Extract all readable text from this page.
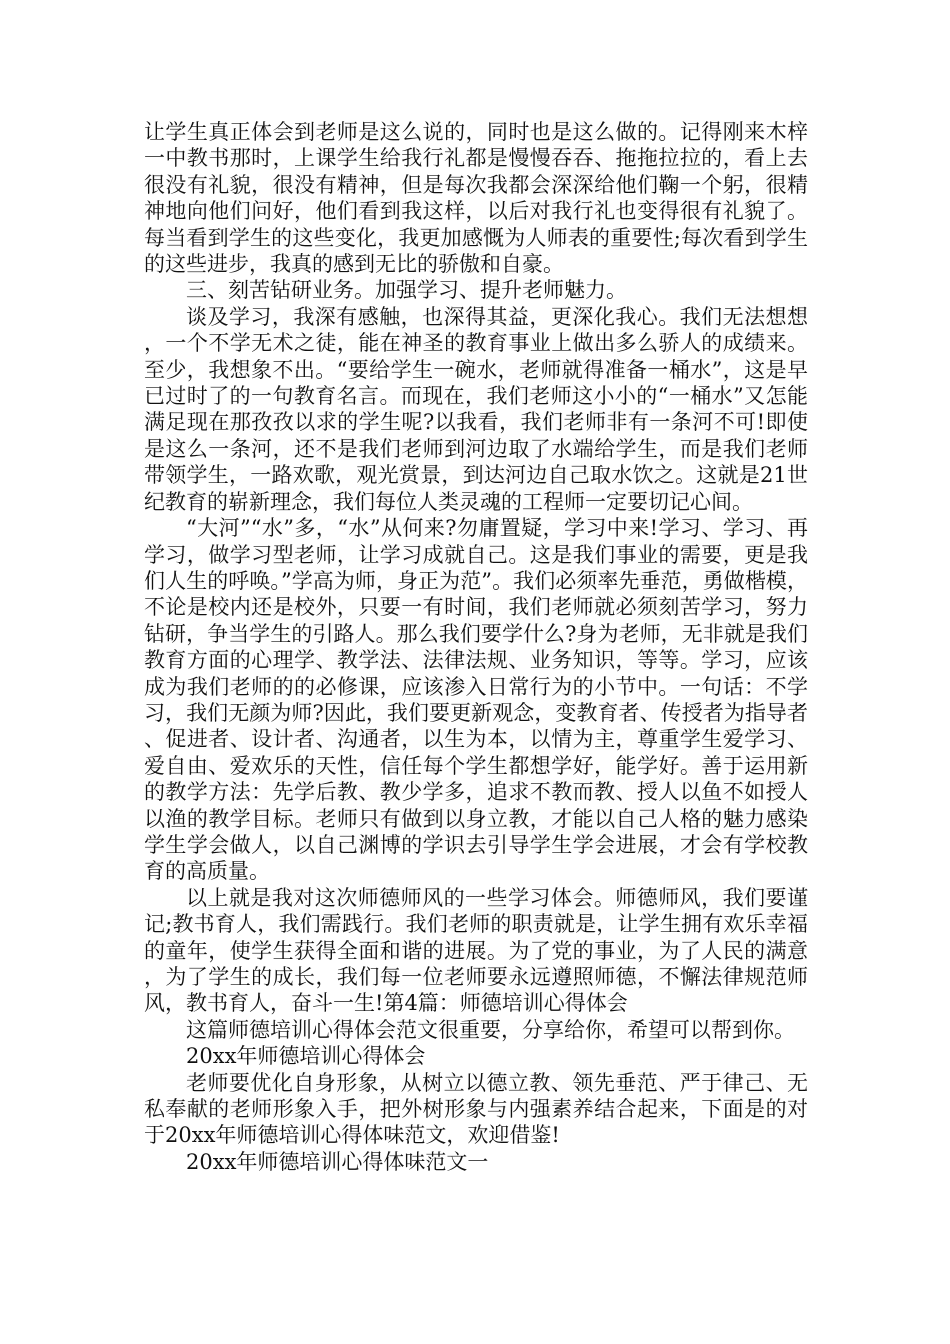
让学生真正体会到老师是这么说的，同时也是这么做的。记得刚来木梓一中教书那时，上课学生给我行礼都是慢慢吞吞、拖拖拉拉的，看上去很没有礼貌，很没有精神，但是每次我都会深深给他们鞠一个躬，很精神地向他们问好，他们看到我这样，以后对我行礼也变得很有礼貌了。每当看到学生的这些变化，我更加感慨为人师表的重要性;每次看到学生的这些进步，我真的感到无比的骄傲和自豪。

三、刻苦钻研业务。加强学习、提升老师魅力。

谈及学习，我深有感触，也深得其益，更深化我心。我们无法想想，一个不学无术之徒，能在神圣的教育事业上做出多么骄人的成绩来。至少，我想象不出。“要给学生一碗水，老师就得准备一桶水”，这是早已过时了的一句教育名言。而现在，我们老师这小小的“一桶水”又怎能满足现在那孜孜以求的学生呢?以我看，我们老师非有一条河不可!即使是这么一条河，还不是我们老师到河边取了水端给学生，而是我们老师带领学生，一路欢歌，观光赏景，到达河边自己取水饮之。这就是21世纪教育的崭新理念，我们每位人类灵魂的工程师一定要切记心间。

“大河”“水”多，“水”从何来?勿庸置疑，学习中来!学习、学习、再学习，做学习型老师，让学习成就自己。这是我们事业的需要，更是我们人生的呼唤。”学高为师，身正为范”。我们必须率先垂范，勇做楷模，不论是校内还是校外，只要一有时间，我们老师就必须刻苦学习，努力钻研，争当学生的引路人。那么我们要学什么?身为老师，无非就是我们教育方面的心理学、教学法、法律法规、业务知识，等等。学习，应该成为我们老师的的必修课，应该渗入日常行为的小节中。一句话：不学习，我们无颜为师?因此，我们要更新观念，变教育者、传授者为指导者、促进者、设计者、沟通者，以生为本，以情为主，尊重学生爱学习、爱自由、爱欢乐的天性，信任每个学生都想学好，能学好。善于运用新的教学方法：先学后教、教少学多，追求不教而教、授人以鱼不如授人以渔的教学目标。老师只有做到以身立教，才能以自己人格的魅力感染学生学会做人，以自己渊博的学识去引导学生学会进展，才会有学校教育的高质量。

以上就是我对这次师德师风的一些学习体会。师德师风，我们要谨记;教书育人，我们需践行。我们老师的职责就是，让学生拥有欢乐幸福的童年，使学生获得全面和谐的进展。为了党的事业，为了人民的满意，为了学生的成长，我们每一位老师要永远遵照师德，不懈法律规范师风，教书育人，奋斗一生!第4篇：师德培训心得体会

这篇师德培训心得体会范文很重要，分享给你，希望可以帮到你。

20xx年师德培训心得体会

老师要优化自身形象，从树立以德立教、领先垂范、严于律己、无私奉献的老师形象入手，把外树形象与内强素养结合起来，下面是的对于20xx年师德培训心得体味范文，欢迎借鉴!

20xx年师德培训心得体味范文一
